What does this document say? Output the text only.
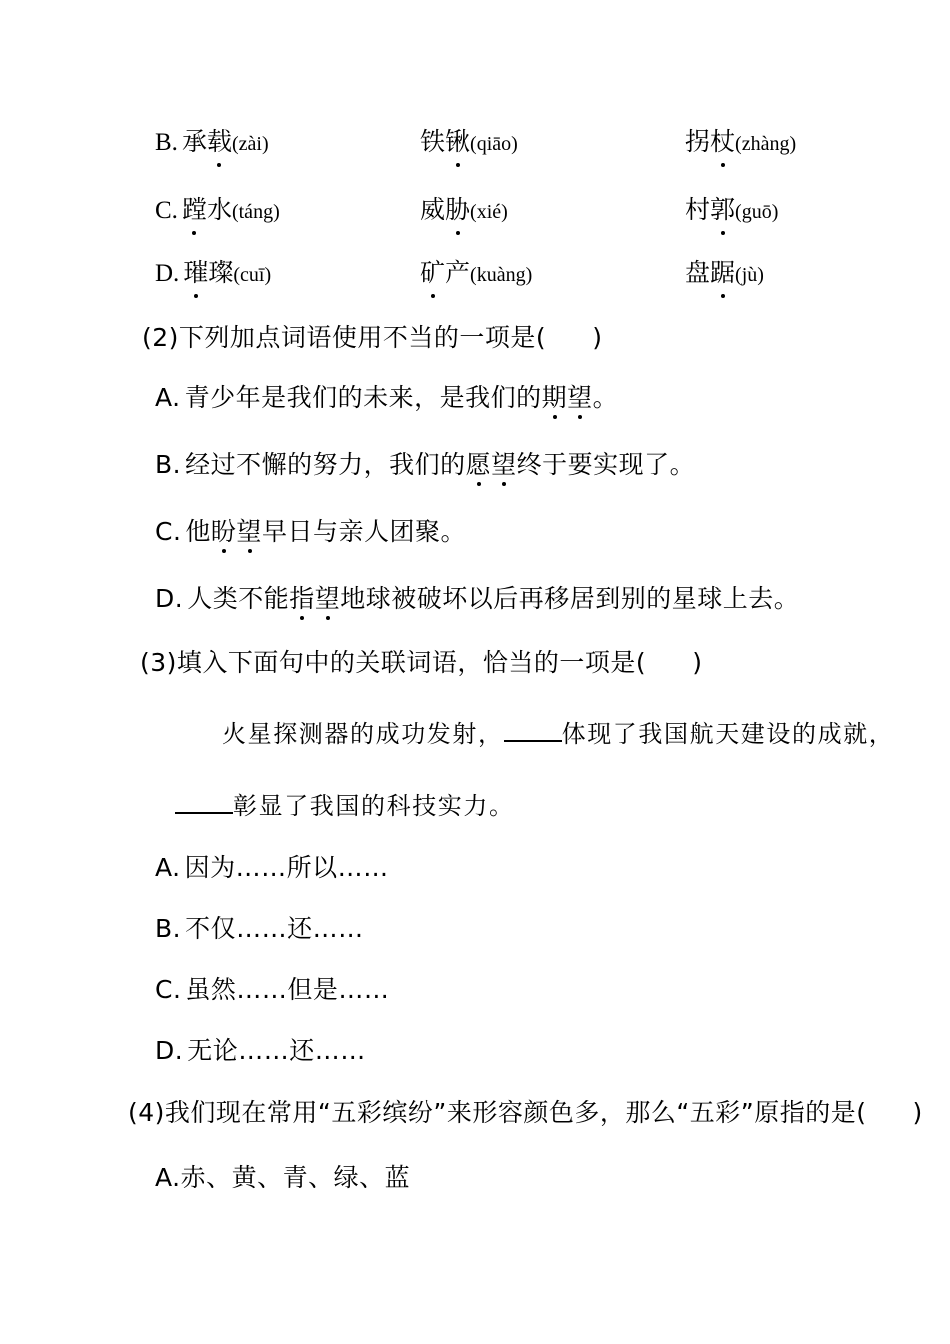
B. 承载(zài)	铁锹(qiāo)	拐杖(zhàng)
C. 蹚水(táng)	威胁(xié)	村郭(guō)
D. 璀璨(cuī)	矿产(kuàng)	盘踞(jù)
(2)下列加点词语使用不当的一项是( )
A. 青少年是我们的未来，是我们的期望。
B. 经过不懈的努力，我们的愿望终于要实现了。
C. 他盼望早日与亲人团聚。
D. 人类不能指望地球被破坏以后再移居到别的星球上去。
(3)填入下面句中的关联词语，恰当的一项是( )
火星探测器的成功发射， 体现了我国航天建设的成就，
彰显了我国的科技实力。
A. 因为……所以……
B. 不仅……还……
C. 虽然……但是……
D. 无论……还……
(4)我们现在常用“五彩缤纷”来形容颜色多，那么“五彩”原指的是( )
A.赤、黄、青、绿、蓝
